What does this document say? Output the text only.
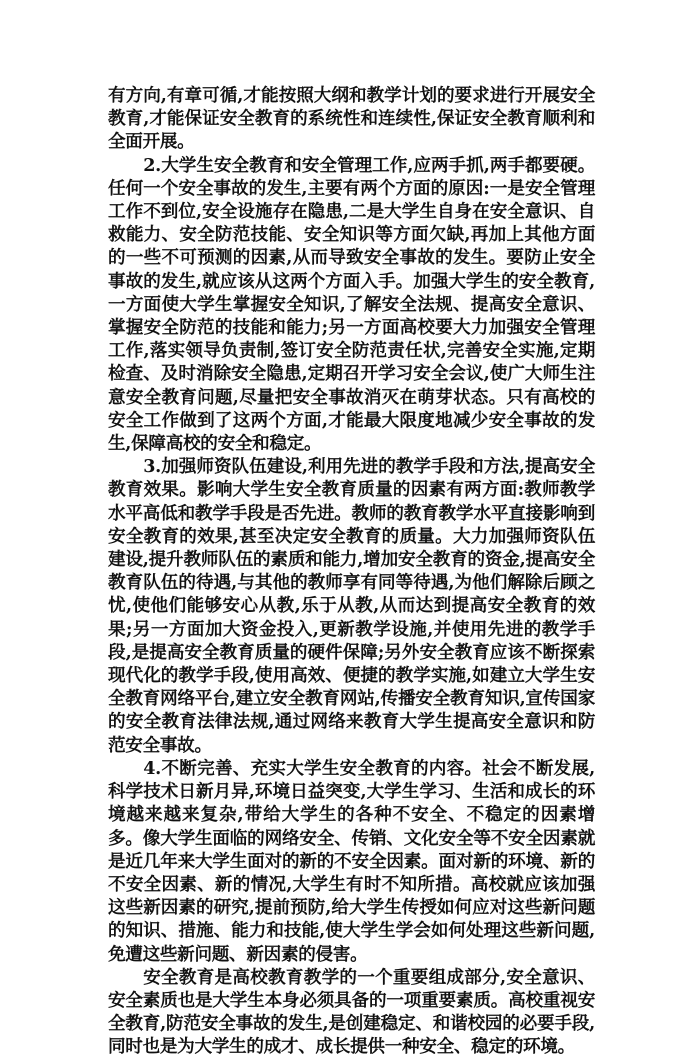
有方向,有章可循,才能按照大纲和教学计划的要求进行开展安全教育,才能保证安全教育的系统性和连续性,保证安全教育顺利和全面开展。

2.大学生安全教育和安全管理工作,应两手抓,两手都要硬。任何一个安全事故的发生,主要有两个方面的原因:一是安全管理工作不到位,安全设施存在隐患,二是大学生自身在安全意识、自救能力、安全防范技能、安全知识等方面欠缺,再加上其他方面的一些不可预测的因素,从而导致安全事故的发生。要防止安全事故的发生,就应该从这两个方面入手。加强大学生的安全教育,一方面使大学生掌握安全知识,了解安全法规、提高安全意识、掌握安全防范的技能和能力;另一方面高校要大力加强安全管理工作,落实领导负责制,签订安全防范责任状,完善安全实施,定期检查、及时消除安全隐患,定期召开学习安全会议,使广大师生注意安全教育问题,尽量把安全事故消灭在萌芽状态。只有高校的安全工作做到了这两个方面,才能最大限度地减少安全事故的发生,保障高校的安全和稳定。

3.加强师资队伍建设,利用先进的教学手段和方法,提高安全教育效果。影响大学生安全教育质量的因素有两方面:教师教学水平高低和教学手段是否先进。教师的教育教学水平直接影响到安全教育的效果,甚至决定安全教育的质量。大力加强师资队伍建设,提升教师队伍的素质和能力,增加安全教育的资金,提高安全教育队伍的待遇,与其他的教师享有同等待遇,为他们解除后顾之忧,使他们能够安心从教,乐于从教,从而达到提高安全教育的效果;另一方面加大资金投入,更新教学设施,并使用先进的教学手段,是提高安全教育质量的硬件保障;另外安全教育应该不断探索现代化的教学手段,使用高效、便捷的教学实施,如建立大学生安全教育网络平台,建立安全教育网站,传播安全教育知识,宣传国家的安全教育法律法规,通过网络来教育大学生提高安全意识和防范安全事故。

4.不断完善、充实大学生安全教育的内容。社会不断发展,科学技术日新月异,环境日益突变,大学生学习、生活和成长的环境越来越来复杂,带给大学生的各种不安全、不稳定的因素增多。像大学生面临的网络安全、传销、文化安全等不安全因素就是近几年来大学生面对的新的不安全因素。面对新的环境、新的不安全因素、新的情况,大学生有时不知所措。高校就应该加强这些新因素的研究,提前预防,给大学生传授如何应对这些新问题的知识、措施、能力和技能,使大学生学会如何处理这些新问题,免遭这些新问题、新因素的侵害。

安全教育是高校教育教学的一个重要组成部分,安全意识、安全素质也是大学生本身必须具备的一项重要素质。高校重视安全教育,防范安全事故的发生,是创建稳定、和谐校园的必要手段,同时也是为大学生的成才、成长提供一种安全、稳定的环境。
